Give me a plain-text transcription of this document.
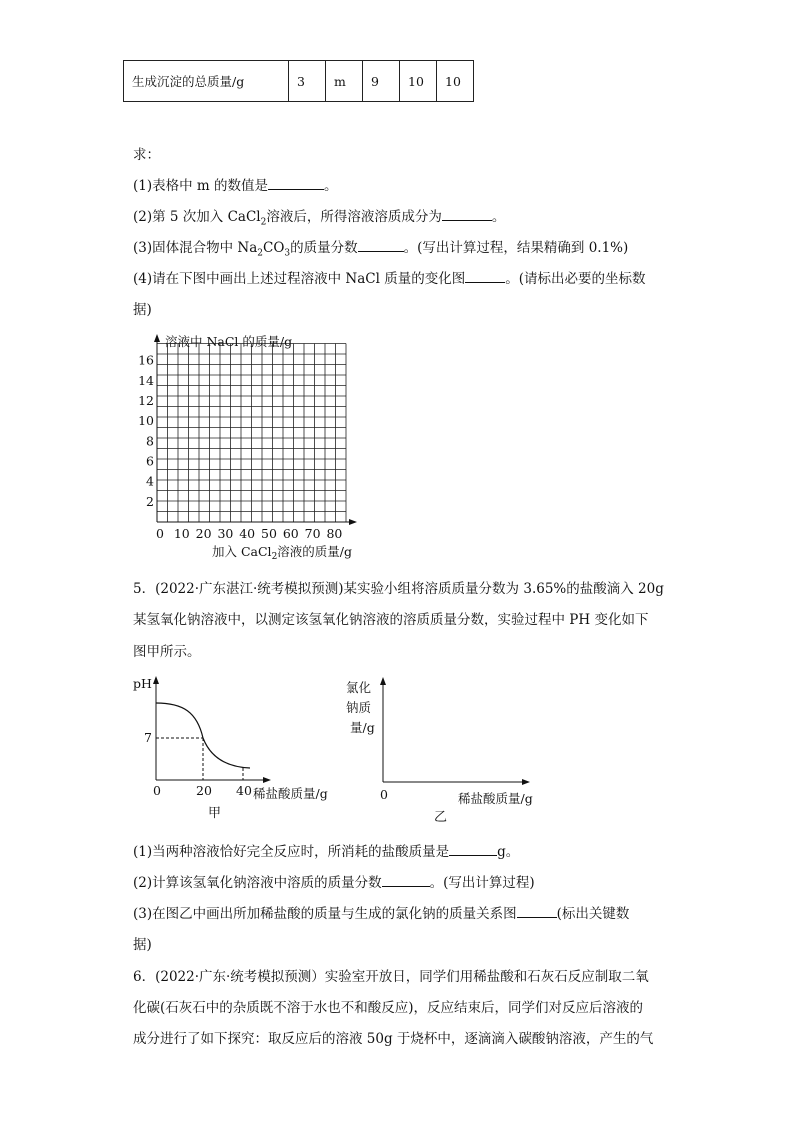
生成沉淀的总质量/g	3	m	9	10	10
求：
(1)表格中 m 的数值是	。
(2)第 5 次加入 CaCl$_2$溶液后，所得溶液溶质成分为	。
(3)固体混合物中 $Na_2CO_3$的质量分数	。(写出计算过程，结果精确到 0.1%)
(4)请在下图中画出上述过程溶液中 NaCl 质量的变化图	。(请标出必要的坐标数
据)
溶液中 NaCl 的质量/g
16
14
12
10
8
6
4
2
0 10 20 30 40 50 60 70 80
加入 CaCl$_2$溶液的质量/g
5．(2022·广东湛江·统考模拟预测)某实验小组将溶质质量分数为 3.65%的盐酸滴入 20g
某氢氧化钠溶液中，以测定该氢氧化钠溶液的溶质质量分数，实验过程中 PH 变化如下
图甲所示。
pH
7
0	20 40 稀盐酸质量/g
甲
氯化
钠质
量/g
0	稀盐酸质量/g
乙
(1)当两种溶液恰好完全反应时，所消耗的盐酸质量是	g。
(2)计算该氢氧化钠溶液中溶质的质量分数	。(写出计算过程)
(3)在图乙中画出所加稀盐酸的质量与生成的氯化钠的质量关系图	(标出关键数
据)
6．(2022·广东·统考模拟预测）实验室开放日，同学们用稀盐酸和石灰石反应制取二氧
化碳(石灰石中的杂质既不溶于水也不和酸反应)，反应结束后，同学们对反应后溶液的
成分进行了如下探究：取反应后的溶液 50g 于烧杯中，逐滴滴入碳酸钠溶液，产生的气
